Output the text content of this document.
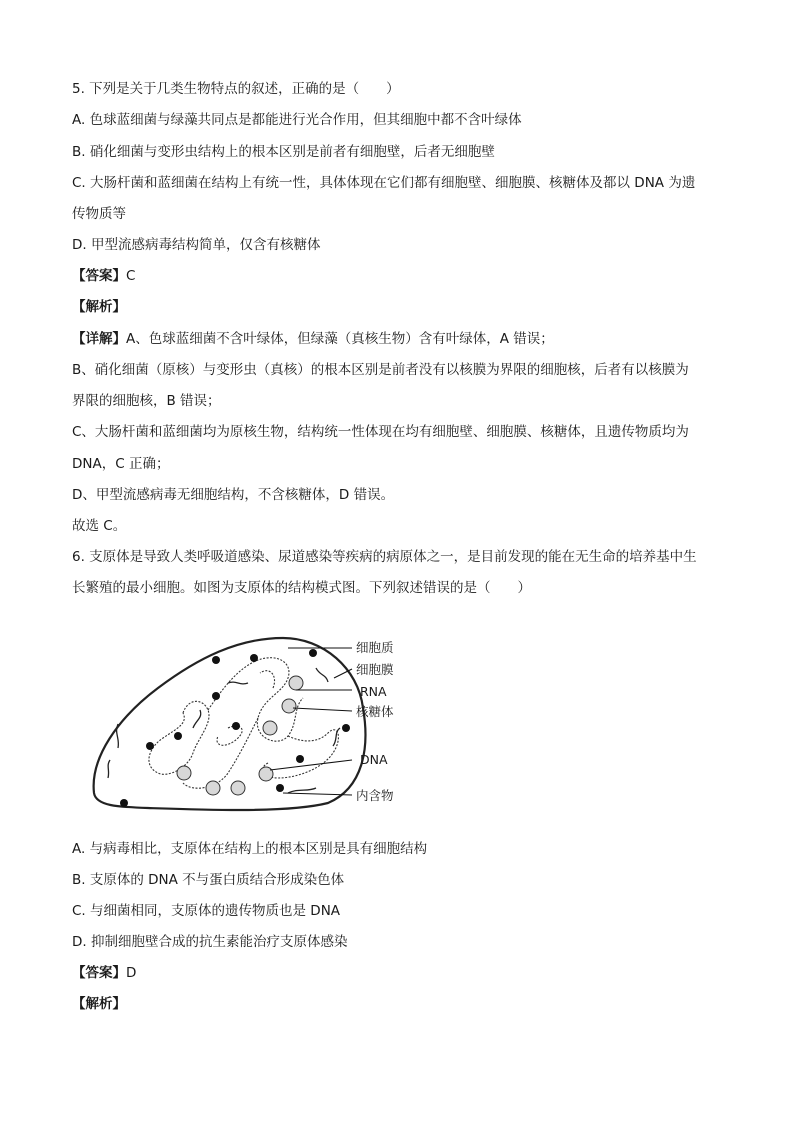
5. 下列是关于几类生物特点的叙述，正确的是（　　）
A. 色球蓝细菌与绿藻共同点是都能进行光合作用，但其细胞中都不含叶绿体
B. 硝化细菌与变形虫结构上的根本区别是前者有细胞壁，后者无细胞壁
C. 大肠杆菌和蓝细菌在结构上有统一性，具体体现在它们都有细胞壁、细胞膜、核糖体及都以 DNA 为遗
传物质等
D. 甲型流感病毒结构简单，仅含有核糖体
【答案】C
【解析】
【详解】A、色球蓝细菌不含叶绿体，但绿藻（真核生物）含有叶绿体，A 错误；
B、硝化细菌（原核）与变形虫（真核）的根本区别是前者没有以核膜为界限的细胞核，后者有以核膜为
界限的细胞核，B 错误；
C、大肠杆菌和蓝细菌均为原核生物，结构统一性体现在均有细胞壁、细胞膜、核糖体，且遗传物质均为
DNA，C 正确；
D、甲型流感病毒无细胞结构，不含核糖体，D 错误。
故选 C。
6. 支原体是导致人类呼吸道感染、尿道感染等疾病的病原体之一，是目前发现的能在无生命的培养基中生
长繁殖的最小细胞。如图为支原体的结构模式图。下列叙述错误的是（　　）
细胞质
细胞膜
RNA
核糖体
DNA
内含物
A. 与病毒相比，支原体在结构上的根本区别是具有细胞结构
B. 支原体的 DNA 不与蛋白质结合形成染色体
C. 与细菌相同，支原体的遗传物质也是 DNA
D. 抑制细胞壁合成的抗生素能治疗支原体感染
【答案】D
【解析】
